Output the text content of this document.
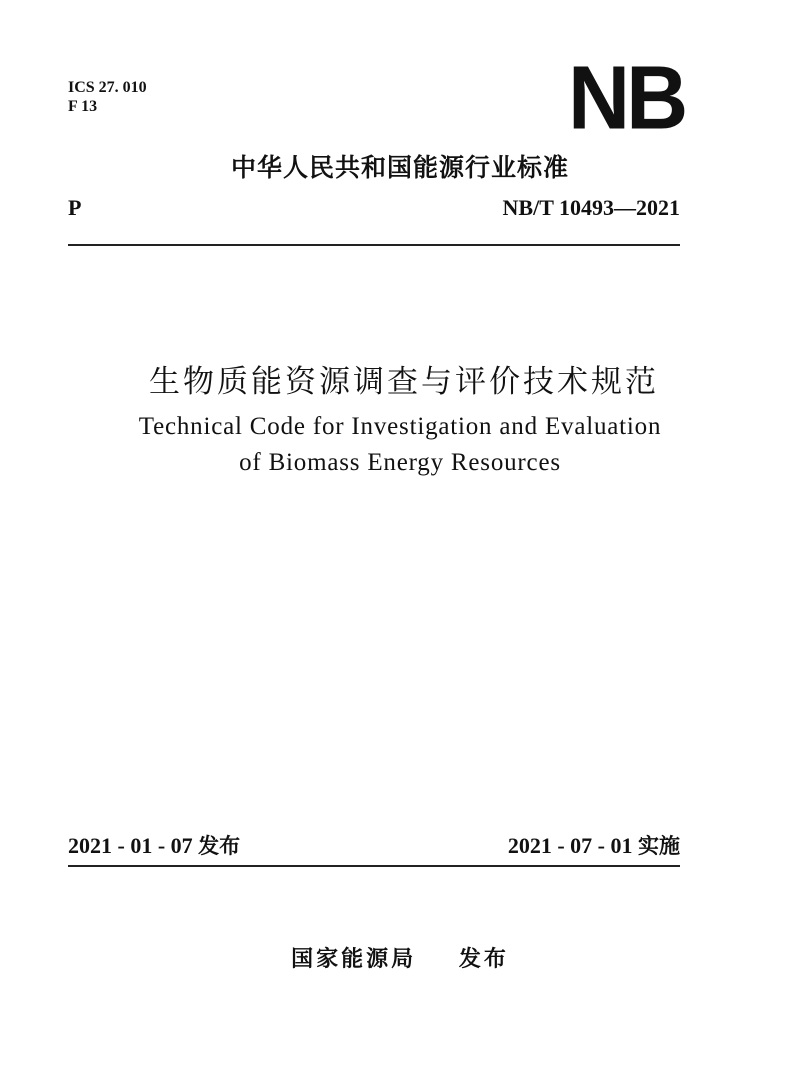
ICS 27. 010
F 13	NB
中华人民共和国能源行业标准
P	NB/T 10493—2021
生物质能资源调查与评价技术规范
Technical Code for Investigation and Evaluation
of Biomass Energy Resources
2021 - 01 - 07 发布	2021 - 07 - 01 实施
国家能源局 发布
